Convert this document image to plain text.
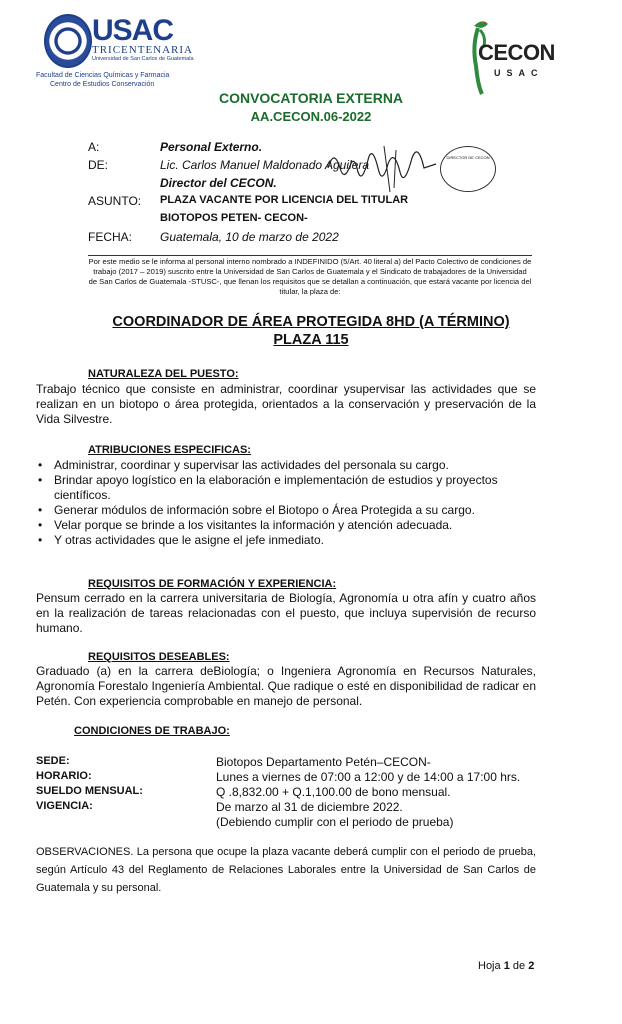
USAC
TRICENTENARIA
Universidad de San Carlos de Guatemala
Facultad de Ciencias Químicas y Farmacia
Centro de Estudios Conservación
CECON
USAC
CONVOCATORIA EXTERNA
AA.CECON.06-2022
A:	Personal Externo.
DE:	Lic. Carlos Manuel Maldonado Aguilera
Director del CECON.
ASUNTO: PLAZA VACANTE POR LICENCIA DEL TITULAR
BIOTOPOS PETEN- CECON-
FECHA: Guatemala, 10 de marzo de 2022
DIRECTOR DE CECON
Por este medio se le informa al personal interno nombrado a INDEFINIDO (5/Art. 40 literal a) del Pacto Colectivo de condiciones de trabajo (2017 – 2019) suscrito entre la Universidad de San Carlos de Guatemala y el Sindicato de trabajadores de la Universidad de San Carlos de Guatemala -STUSC-, que llenan los requisitos que se detallan a continuación, que estará vacante por licencia del titular, la plaza de:
COORDINADOR DE ÁREA PROTEGIDA 8HD (A TÉRMINO)
PLAZA 115
NATURALEZA DEL PUESTO:
Trabajo técnico que consiste en administrar, coordinar ysupervisar las actividades que se realizan en un biotopo o área protegida, orientados a la conservación y preservación de la Vida Silvestre.
ATRIBUCIONES ESPECIFICAS:
• Administrar, coordinar y supervisar las actividades del personala su cargo.
• Brindar apoyo logístico en la elaboración e implementación de estudios y proyectos científicos.
• Generar módulos de información sobre el Biotopo o Área Protegida a su cargo.
• Velar porque se brinde a los visitantes la información y atención adecuada.
• Y otras actividades que le asigne el jefe inmediato.
REQUISITOS DE FORMACIÓN Y EXPERIENCIA:
Pensum cerrado en la carrera universitaria de Biología, Agronomía u otra afín y cuatro años en la realización de tareas relacionadas con el puesto, que incluya supervisión de recurso humano.
REQUISITOS DESEABLES:
Graduado (a) en la carrera deBiología; o Ingeniera Agronomía en Recursos Naturales, Agronomía Forestalo Ingeniería Ambiental. Que radique o esté en disponibilidad de radicar en Petén. Con experiencia comprobable en manejo de personal.
CONDICIONES DE TRABAJO:
SEDE:	Biotopos Departamento Petén–CECON-
HORARIO:	Lunes a viernes de 07:00 a 12:00 y de 14:00 a 17:00 hrs.
SUELDO MENSUAL:	Q .8,832.00 + Q.1,100.00 de bono mensual.
VIGENCIA:	De marzo al 31 de diciembre 2022.
(Debiendo cumplir con el periodo de prueba)
OBSERVACIONES. La persona que ocupe la plaza vacante deberá cumplir con el periodo de prueba, según Artículo 43 del Reglamento de Relaciones Laborales entre la Universidad de San Carlos de Guatemala y su personal.
Hoja 1 de 2
